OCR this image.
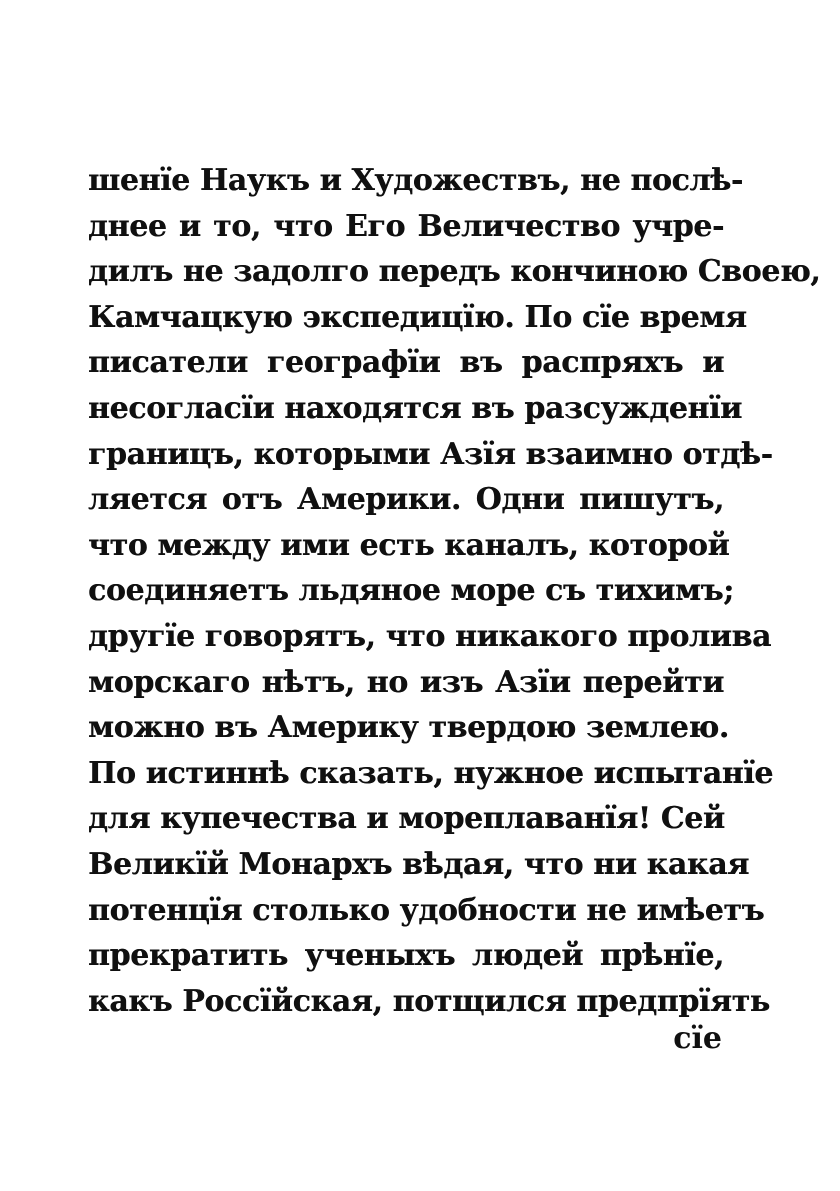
шенїе Наукъ и Художествъ, не послѣ-
днее и то, что Его Величество учре-
дилъ не задолго передъ кончиною Своею,
Камчацкую экспедицїю. По сїе время
писатели географїи въ распряхъ и
несогласїи находятся въ разсужденїи
границъ, которыми Азїя взаимно отдѣ-
ляется отъ Америки. Одни пишутъ,
что между ими есть каналъ, которой
соединяетъ льдяное море съ тихимъ;
другїе говорятъ, что никакого пролива
морскаго нѣтъ, но изъ Азїи перейти
можно въ Америку твердою землею.
По истиннѣ сказать, нужное испытанїе
для купечества и мореплаванїя! Сей
Великїй Монархъ вѣдая, что ни какая
потенцїя столько удобности не имѣетъ
прекратить ученыхъ людей прѣнїе,
какъ Россїйская, потщился предпрїять
сїе
